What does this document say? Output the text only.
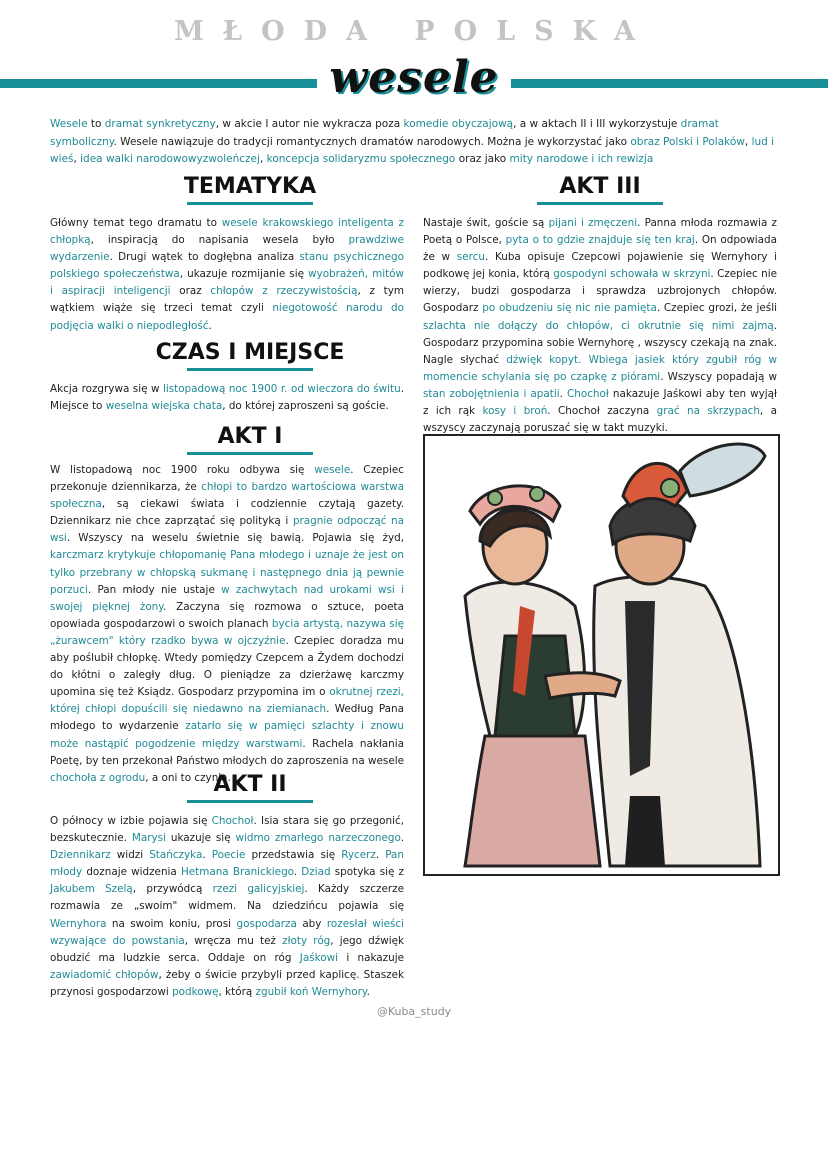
MŁODA POLSKA
wesele
Wesele to dramat synkretyczny, w akcie I autor nie wykracza poza komedie obyczajową, a w aktach II i III wykorzystuje dramat symboliczny. Wesele nawiązuje do tradycji romantycznych dramatów narodowych. Można je wykorzystać jako obraz Polski i Polaków, lud i wieś, idea walki narodowowyzwoleńczej, koncepcja solidaryzmu społecznego oraz jako mity narodowe i ich rewizja
TEMATYKA
Główny temat tego dramatu to wesele krakowskiego inteligenta z chłopką, inspiracją do napisania wesela było prawdziwe wydarzenie. Drugi wątek to dogłębna analiza stanu psychicznego polskiego społeczeństwa, ukazuje rozmijanie się wyobrażeń, mitów i aspiracji inteligencji oraz chłopów z rzeczywistością, z tym wątkiem wiąże się trzeci temat czyli niegotowość narodu do podjęcia walki o niepodległość.
CZAS I MIEJSCE
Akcja rozgrywa się w listopadową noc 1900 r. od wieczora do świtu. Miejsce to weselna wiejska chata, do której zaproszeni są goście.
AKT I
W listopadową noc 1900 roku odbywa się wesele. Czepiec przekonuje dziennikarza, że chłopi to bardzo wartościowa warstwa społeczna, są ciekawi świata i codziennie czytają gazety. Dziennikarz nie chce zaprzątać się polityką i pragnie odpocząć na wsi. Wszyscy na weselu świetnie się bawią. Pojawia się żyd, karczmarz krytykuje chłopomanię Pana młodego i uznaje że jest on tylko przebrany w chłopską sukmanę i następnego dnia ją pewnie porzuci. Pan młody nie ustaje w zachwytach nad urokami wsi i swojej pięknej żony. Zaczyna się rozmowa o sztuce, poeta opowiada gospodarzowi o swoich planach bycia artystą, nazywa się „żurawcem" który rzadko bywa w ojczyźnie. Czepiec doradza mu aby poślubił chłopkę. Wtedy pomiędzy Czepcem a Żydem dochodzi do kłótni o zaległy dług. O pieniądze za dzierżawę karczmy upomina się też Ksiądz. Gospodarz przypomina im o okrutnej rzezi, której chłopi dopuścili się niedawno na ziemianach. Według Pana młodego to wydarzenie zatarło się w pamięci szlachty i znowu może nastąpić pogodzenie między warstwami. Rachela nakłania Poetę, by ten przekonał Państwo młodych do zaproszenia na wesele chochoła z ogrodu, a oni to czynią.
AKT II
O północy w izbie pojawia się Chochoł. Isia stara się go przegonić, bezskutecznie. Marysi ukazuje się widmo zmarłego narzeczonego. Dziennikarz widzi Stańczyka. Poecie przedstawia się Rycerz. Pan młody doznaje widzenia Hetmana Branickiego. Dziad spotyka się z Jakubem Szelą, przywódcą rzezi galicyjskiej. Każdy szczerze rozmawia ze „swoim" widmem. Na dziedzińcu pojawia się Wernyhora na swoim koniu, prosi gospodarza aby rozesłał wieści wzywające do powstania, wręcza mu też złoty róg, jego dźwięk obudzić ma ludzkie serca. Oddaje on róg Jaśkowi i nakazuje zawiadomić chłopów, żeby o świcie przybyli przed kaplicę. Staszek przynosi gospodarzowi podkowę, którą zgubił koń Wernyhory.
AKT III
Nastaje świt, goście są pijani i zmęczeni. Panna młoda rozmawia z Poetą o Polsce, pyta o to gdzie znajduje się ten kraj. On odpowiada że w sercu. Kuba opisuje Czepcowi pojawienie się Wernyhory i podkowę jej konia, którą gospodyni schowała w skrzyni. Czepiec nie wierzy, budzi gospodarza i sprawdza uzbrojonych chłopów. Gospodarz po obudzeniu się nic nie pamięta. Czepiec grozi, że jeśli szlachta nie dołączy do chłopów, ci okrutnie się nimi zajmą. Gospodarz przypomina sobie Wernyhorę , wszyscy czekają na znak. Nagle słychać dźwięk kopyt. Wbiega jasiek który zgubił róg w momencie schylania się po czapkę z piórami. Wszyscy popadają w stan zobojętnienia i apatii. Chochoł nakazuje Jaśkowi aby ten wyjął z ich rąk kosy i broń. Chochoł zaczyna grać na skrzypach, a wszyscy zaczynają poruszać się w takt muzyki.
@Kuba_study
